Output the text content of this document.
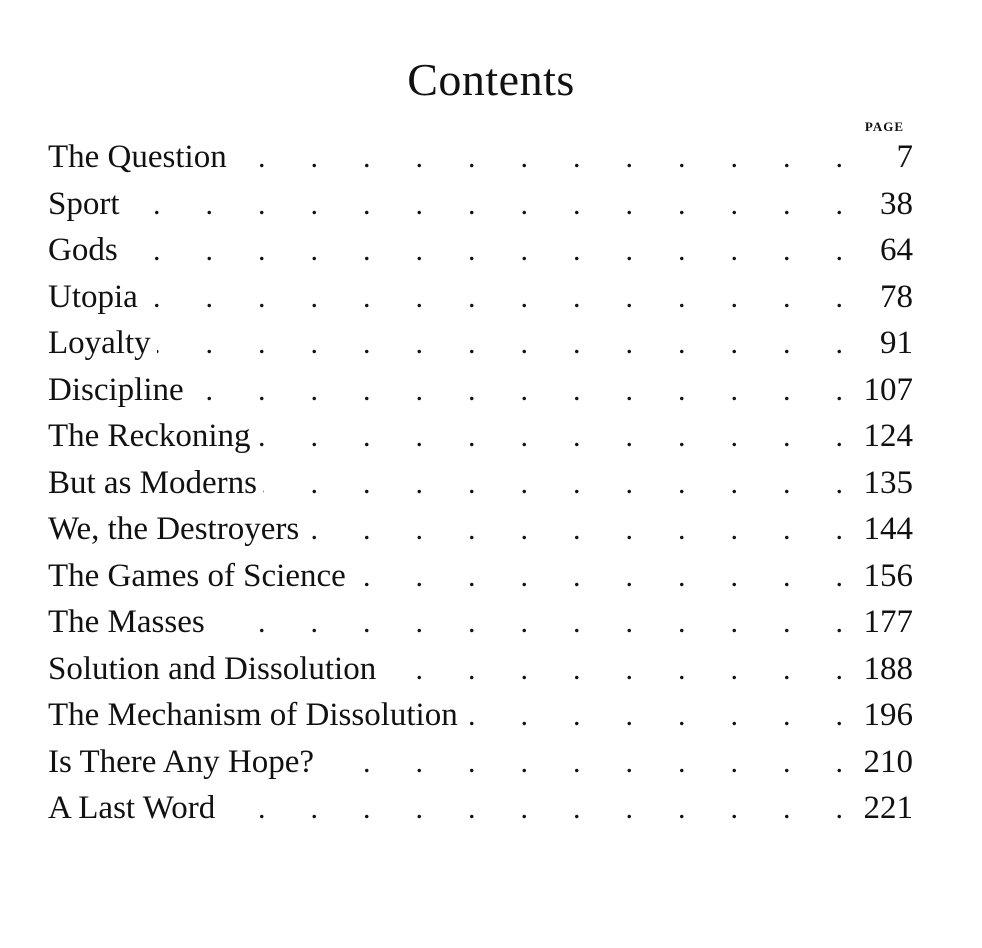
Contents
PAGE
The Question .	7
Sport .	38
Gods .	64
Utopia .	78
Loyalty .	91
Discipline .	107
The Reckoning .	124
But as Moderns .	135
We, the Destroyers .	144
The Games of Science .	156
The Masses .	177
Solution and Dissolution .	188
The Mechanism of Dissolution .	196
Is There Any Hope? .	210
A Last Word .	221
